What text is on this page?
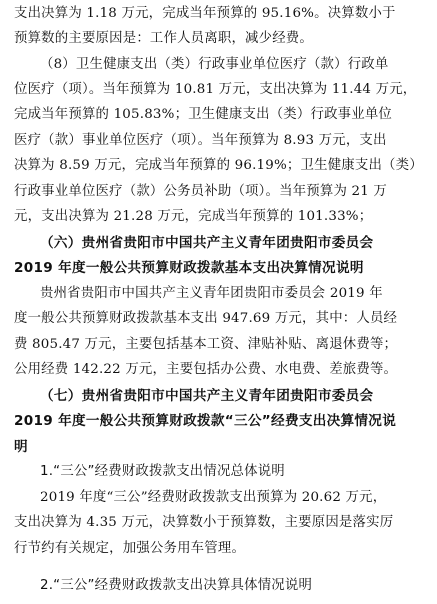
支出决算为 1.18 万元，完成当年预算的 95.16%。决算数小于
预算数的主要原因是：工作人员离职，减少经费。
（8）卫生健康支出（类）行政事业单位医疗（款）行政单
位医疗（项）。当年预算为 10.81 万元，支出决算为 11.44 万元，
完成当年预算的 105.83%；卫生健康支出（类）行政事业单位
医疗（款）事业单位医疗（项）。当年预算为 8.93 万元，支出
决算为 8.59 万元，完成当年预算的 96.19%；卫生健康支出（类）
行政事业单位医疗（款）公务员补助（项）。当年预算为 21 万
元，支出决算为 21.28 万元，完成当年预算的 101.33%；
（六）贵州省贵阳市中国共产主义青年团贵阳市委员会
2019 年度一般公共预算财政拨款基本支出决算情况说明
贵州省贵阳市中国共产主义青年团贵阳市委员会 2019 年
度一般公共预算财政拨款基本支出 947.69 万元，其中：人员经
费 805.47 万元，主要包括基本工资、津贴补贴、离退休费等；
公用经费 142.22 万元，主要包括办公费、水电费、差旅费等。
（七）贵州省贵阳市中国共产主义青年团贵阳市委员会
2019 年度一般公共预算财政拨款“三公”经费支出决算情况说
明
1.“三公”经费财政拨款支出情况总体说明
2019 年度“三公”经费财政拨款支出预算为 20.62 万元，
支出决算为 4.35 万元，决算数小于预算数，主要原因是落实厉
行节约有关规定，加强公务用车管理。
2.“三公”经费财政拨款支出决算具体情况说明
